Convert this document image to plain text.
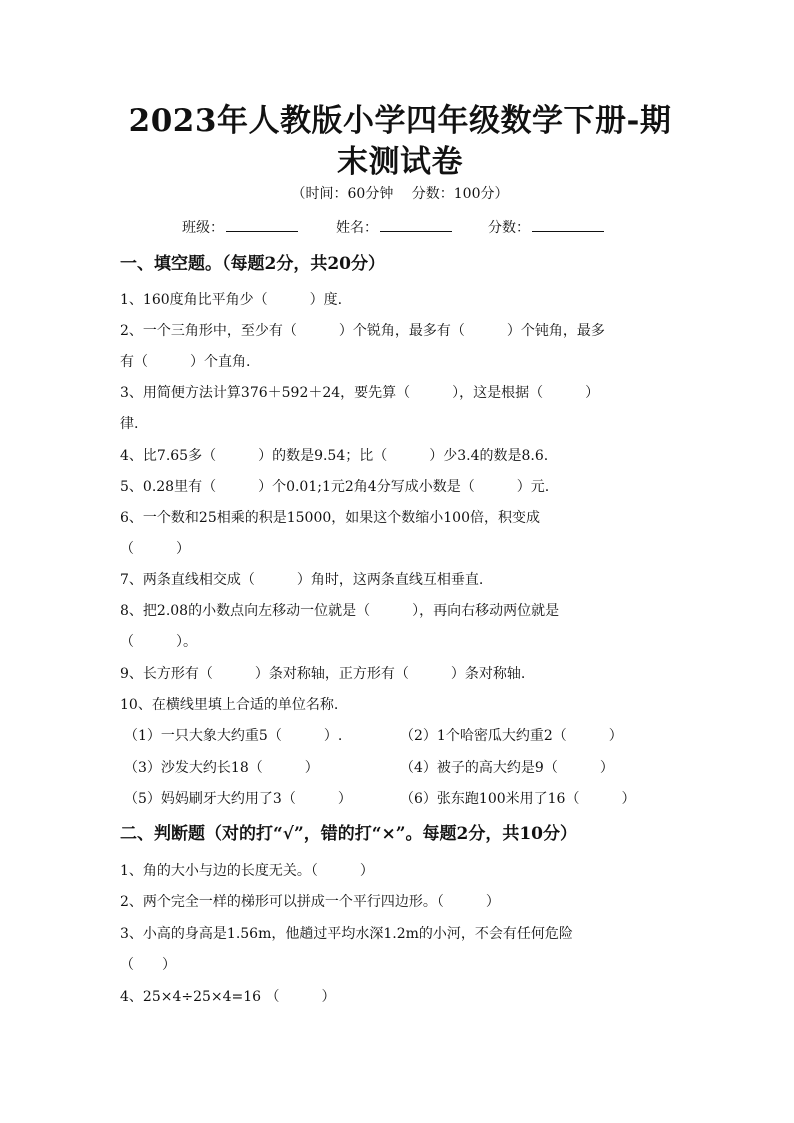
2023年人教版小学四年级数学下册-期
末测试卷
（时间：60分钟　 分数：100分）
班级：	姓名：	分数：
一、填空题。（每题2分，共20分）
1、160度角比平角少（　　　）度.
2、一个三角形中，至少有（　　　）个锐角，最多有（　　　）个钝角，最多
有（　　　）个直角.
3、用简便方法计算376＋592＋24，要先算（　　　），这是根据（　　　）
律.
4、比7.65多（　　　）的数是9.54；比（　　　）少3.4的数是8.6.
5、0.28里有（　　　）个0.01;1元2角4分写成小数是（　　　）元.
6、一个数和25相乘的积是15000，如果这个数缩小100倍，积变成
（　　　）
7、两条直线相交成（　　　）角时，这两条直线互相垂直.
8、把2.08的小数点向左移动一位就是（　　　），再向右移动两位就是
（　　　）。
9、长方形有（　　　）条对称轴，正方形有（　　　）条对称轴.
10、在横线里填上合适的单位名称.
（1）一只大象大约重5（　　　）.	（2）1个哈密瓜大约重2（　　　）
（3）沙发大约长18（　　　）	（4）被子的高大约是9（　　　）
（5）妈妈刷牙大约用了3（　　　）	（6）张东跑100米用了16（　　　）
二、判断题（对的打“√”，错的打“×”。每题2分，共10分）
1、角的大小与边的长度无关。（　　　）
2、两个完全一样的梯形可以拼成一个平行四边形。（　　　）
3、小高的身高是1.56m，他趟过平均水深1.2m的小河，不会有任何危险
（　　）
4、25×4÷25×4=16 （　　　）
